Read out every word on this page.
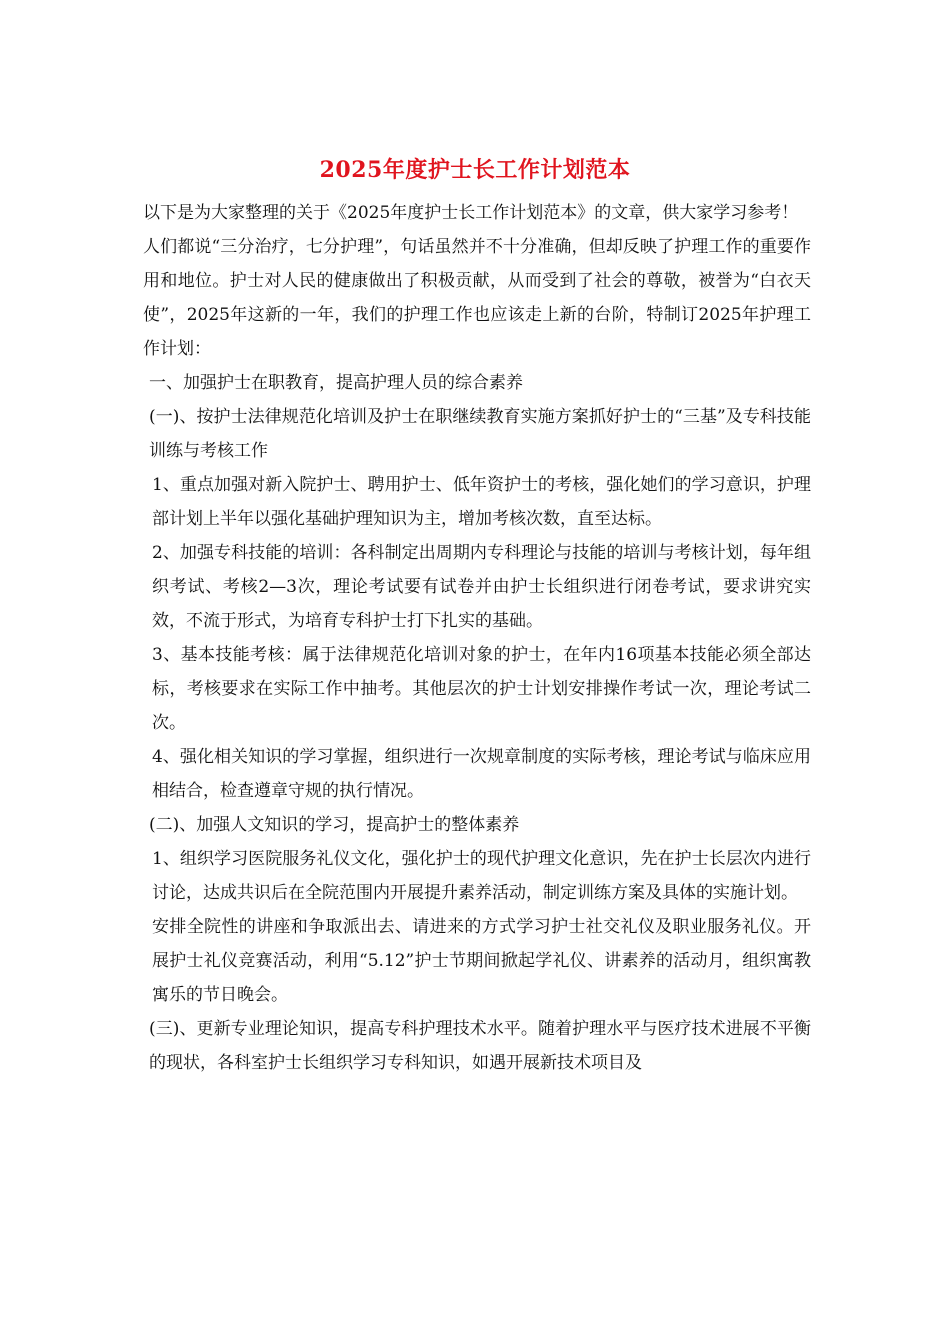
2025年度护士长工作计划范本

以下是为大家整理的关于《2025年度护士长工作计划范本》的文章，供大家学习参考！

人们都说“三分治疗，七分护理”，句话虽然并不十分准确，但却反映了护理工作的重要作用和地位。护士对人民的健康做出了积极贡献，从而受到了社会的尊敬，被誉为“白衣天使”，2025年这新的一年，我们的护理工作也应该走上新的台阶，特制订2025年护理工作计划：

一、加强护士在职教育，提高护理人员的综合素养

(一)、按护士法律规范化培训及护士在职继续教育实施方案抓好护士的“三基”及专科技能训练与考核工作

1、重点加强对新入院护士、聘用护士、低年资护士的考核，强化她们的学习意识，护理部计划上半年以强化基础护理知识为主，增加考核次数，直至达标。

2、加强专科技能的培训：各科制定出周期内专科理论与技能的培训与考核计划，每年组织考试、考核2—3次，理论考试要有试卷并由护士长组织进行闭卷考试，要求讲究实效，不流于形式，为培育专科护士打下扎实的基础。

3、基本技能考核：属于法律规范化培训对象的护士，在年内16项基本技能必须全部达标，考核要求在实际工作中抽考。其他层次的护士计划安排操作考试一次，理论考试二次。

4、强化相关知识的学习掌握，组织进行一次规章制度的实际考核，理论考试与临床应用相结合，检查遵章守规的执行情况。

(二)、加强人文知识的学习，提高护士的整体素养

1、组织学习医院服务礼仪文化，强化护士的现代护理文化意识，先在护士长层次内进行讨论，达成共识后在全院范围内开展提升素养活动，制定训练方案及具体的实施计划。

安排全院性的讲座和争取派出去、请进来的方式学习护士社交礼仪及职业服务礼仪。开展护士礼仪竞赛活动，利用“5.12”护士节期间掀起学礼仪、讲素养的活动月，组织寓教寓乐的节日晚会。

(三)、更新专业理论知识，提高专科护理技术水平。随着护理水平与医疗技术进展不平衡的现状，各科室护士长组织学习专科知识，如遇开展新技术项目及
